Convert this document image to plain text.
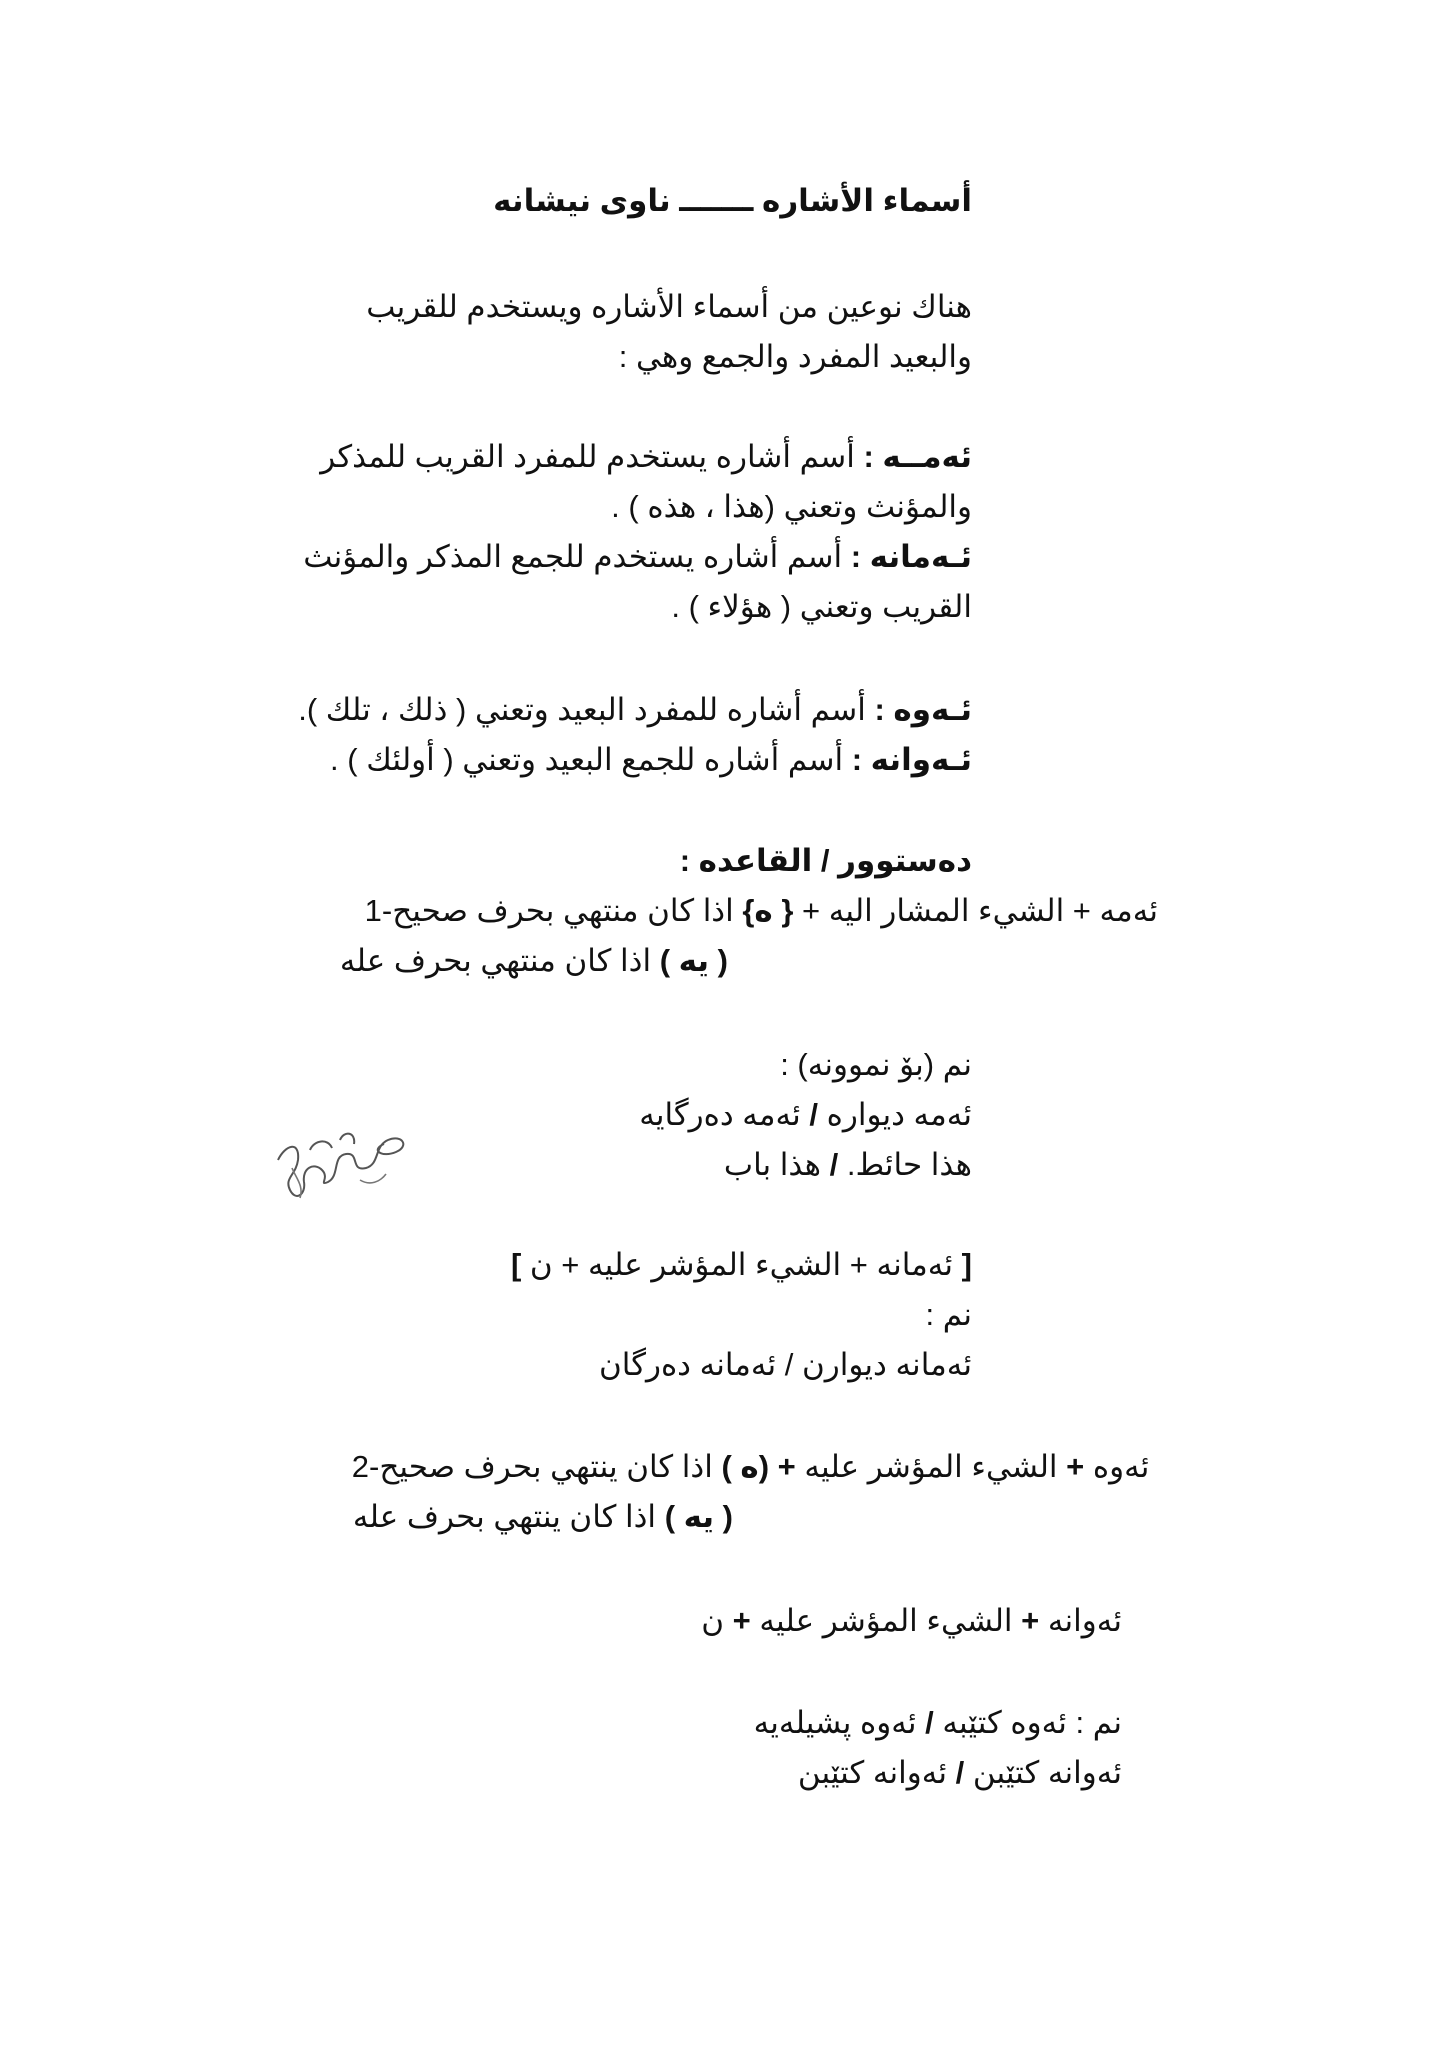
أسماء الأشاره ـــــــ ناوى نيشانه
هناك نوعين من أسماء الأشاره ويستخدم للقريب
والبعيد المفرد والجمع وهي :
ئەمــە : أسم أشاره يستخدم للمفرد القريب للمذكر
والمؤنث وتعني (هذا ، هذه ) .
ئـەمانه : أسم أشاره يستخدم للجمع المذكر والمؤنث
القريب وتعني ( هؤلاء ) .
ئـەوه : أسم أشاره للمفرد البعيد وتعني ( ذلك ، تلك ).
ئـەوانه : أسم أشاره للجمع البعيد وتعني ( أولئك ) .
دەستوور / القاعده :
1-	ئەمه + الشيء المشار اليه + { ه} اذا كان منتهي بحرف صحيح
( يه ) اذا كان منتهي بحرف عله
نم (بۆ نموونه) :
ئەمه ديواره / ئەمه دەرگايه
هذا حائط. / هذا باب
[ ئەمانه + الشيء المؤشر عليه + ن ]
نم :
ئەمانه ديوارن / ئەمانه دەرگان
2-	ئەوه + الشيء المؤشر عليه + (ه ) اذا كان ينتهي بحرف صحيح
( يه ) اذا كان ينتهي بحرف عله
ئەوانه + الشيء المؤشر عليه + ن
نم : ئەوه كتێبه / ئەوه پشيلەيه
ئەوانه كتێبن / ئەوانه كتێبن
